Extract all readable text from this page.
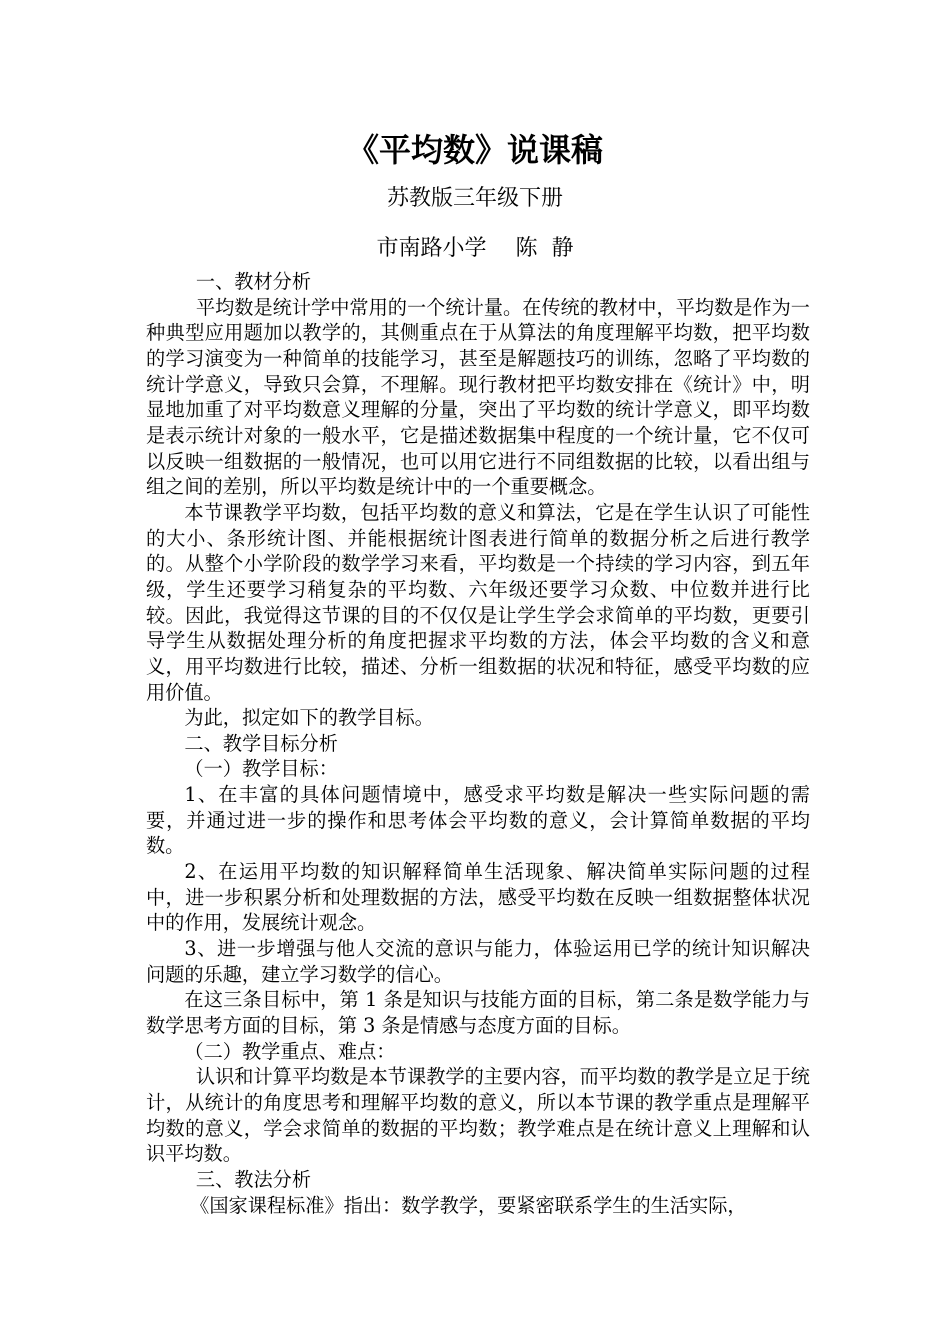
《平均数》说课稿
苏教版三年级下册
市南路小学　 陈  静

一、教材分析

平均数是统计学中常用的一个统计量。在传统的教材中，平均数是作为一种典型应用题加以教学的，其侧重点在于从算法的角度理解平均数，把平均数的学习演变为一种简单的技能学习，甚至是解题技巧的训练，忽略了平均数的统计学意义，导致只会算，不理解。现行教材把平均数安排在《统计》中，明显地加重了对平均数意义理解的分量，突出了平均数的统计学意义，即平均数是表示统计对象的一般水平，它是描述数据集中程度的一个统计量，它不仅可以反映一组数据的一般情况，也可以用它进行不同组数据的比较，以看出组与组之间的差别，所以平均数是统计中的一个重要概念。

本节课教学平均数，包括平均数的意义和算法，它是在学生认识了可能性的大小、条形统计图、并能根据统计图表进行简单的数据分析之后进行教学的。从整个小学阶段的数学学习来看，平均数是一个持续的学习内容，到五年级，学生还要学习稍复杂的平均数、六年级还要学习众数、中位数并进行比较。因此，我觉得这节课的目的不仅仅是让学生学会求简单的平均数，更要引导学生从数据处理分析的角度把握求平均数的方法，体会平均数的含义和意义，用平均数进行比较，描述、分析一组数据的状况和特征，感受平均数的应用价值。

为此，拟定如下的教学目标。

二、教学目标分析

（一）教学目标：

1、在丰富的具体问题情境中，感受求平均数是解决一些实际问题的需要，并通过进一步的操作和思考体会平均数的意义，会计算简单数据的平均数。

2、在运用平均数的知识解释简单生活现象、解决简单实际问题的过程中，进一步积累分析和处理数据的方法，感受平均数在反映一组数据整体状况中的作用，发展统计观念。

3、进一步增强与他人交流的意识与能力，体验运用已学的统计知识解决问题的乐趣，建立学习数学的信心。

在这三条目标中，第 1 条是知识与技能方面的目标，第二条是数学能力与数学思考方面的目标，第 3 条是情感与态度方面的目标。

（二）教学重点、难点：

认识和计算平均数是本节课教学的主要内容，而平均数的教学是立足于统计，从统计的角度思考和理解平均数的意义，所以本节课的教学重点是理解平均数的意义，学会求简单的数据的平均数；教学难点是在统计意义上理解和认识平均数。

三、教法分析

《国家课程标准》指出：数学教学，要紧密联系学生的生活实际，
